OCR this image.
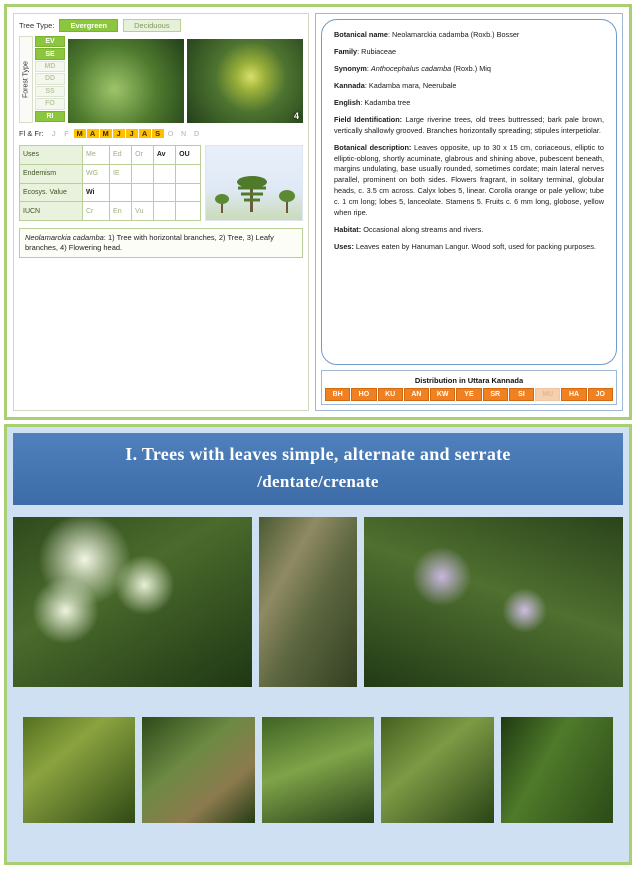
Tree Type:	Evergreen	Deciduous
Forest Type
EV
SE
MD
DD
SS
FO
RI	4
Fl & Fr:	J	F	M A M	J	J	A	S	O N	D
Uses	Me	Ed	Or	Av	OU
Endemism	WG	IE			
Ecosys. Value	Wi				
IUCN	Cr	En	Vu		
Neolamarckia cadamba: 1) Tree with horizontal branches, 2) Tree, 3) Leafy branches, 4) Flowering head.

Botanical name: Neolamarckia cadamba (Roxb.) Bosser

Family: Rubiaceae

Synonym: Anthocephalus cadamba (Roxb.) Miq

Kannada: Kadamba mara, Neerubale

English: Kadamba tree

Field Identification: Large riverine trees, old trees buttressed; bark pale brown, vertically shallowly grooved. Branches horizontally spreading; stipules interpetiolar.

Botanical description: Leaves opposite, up to 30 x 15 cm, coriaceous, elliptic to elliptic-oblong, shortly acuminate, glabrous and shining above, pubescent beneath, margins undulating, base usually rounded, sometimes cordate; main lateral nerves parallel, prominent on both sides. Flowers fragrant, in solitary terminal, globular heads, c. 3.5 cm across. Calyx lobes 5, linear. Corolla orange or pale yellow; tube c. 1 cm long; lobes 5, lanceolate. Stamens 5. Fruits c. 6 mm long, globose, yellow when ripe.

Habitat: Occasional along streams and rivers.

Uses: Leaves eaten by Hanuman Langur. Wood soft, used for packing purposes.

Distribution in Uttara Kannada
BH	HO	KU	AN	KW	YE	SR	SI	MU	HA	JO
I. Trees with leaves simple, alternate and serrate
/dentate/crenate
